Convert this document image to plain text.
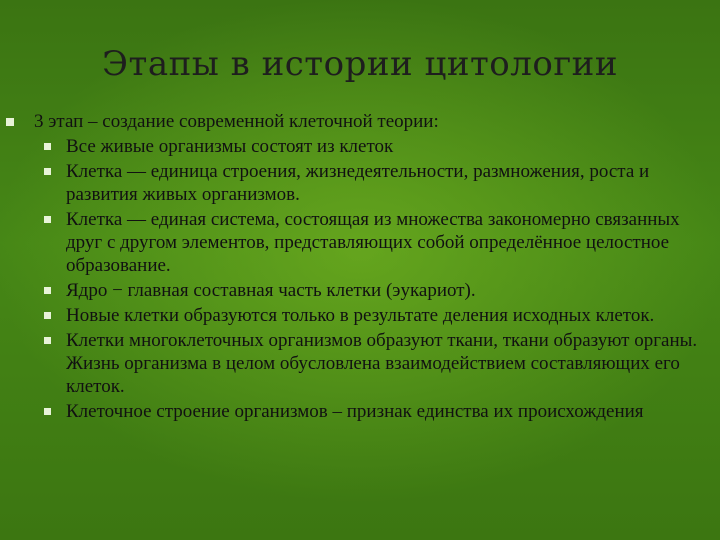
Этапы в истории цитологии
3 этап – создание современной клеточной теории:
Все живые организмы состоят из клеток
Клетка — единица строения, жизнедеятельности, размножения, роста и развития живых организмов.
Клетка — единая система, состоящая из множества закономерно связанных друг с другом элементов, представляющих собой определённое целостное образование.
Ядро − главная составная часть клетки (эукариот).
Новые клетки образуются только в результате деления исходных клеток.
Клетки многоклеточных организмов образуют ткани, ткани образуют органы. Жизнь организма в целом обусловлена взаимодействием составляющих его клеток.
Клеточное строение организмов – признак единства их происхождения
